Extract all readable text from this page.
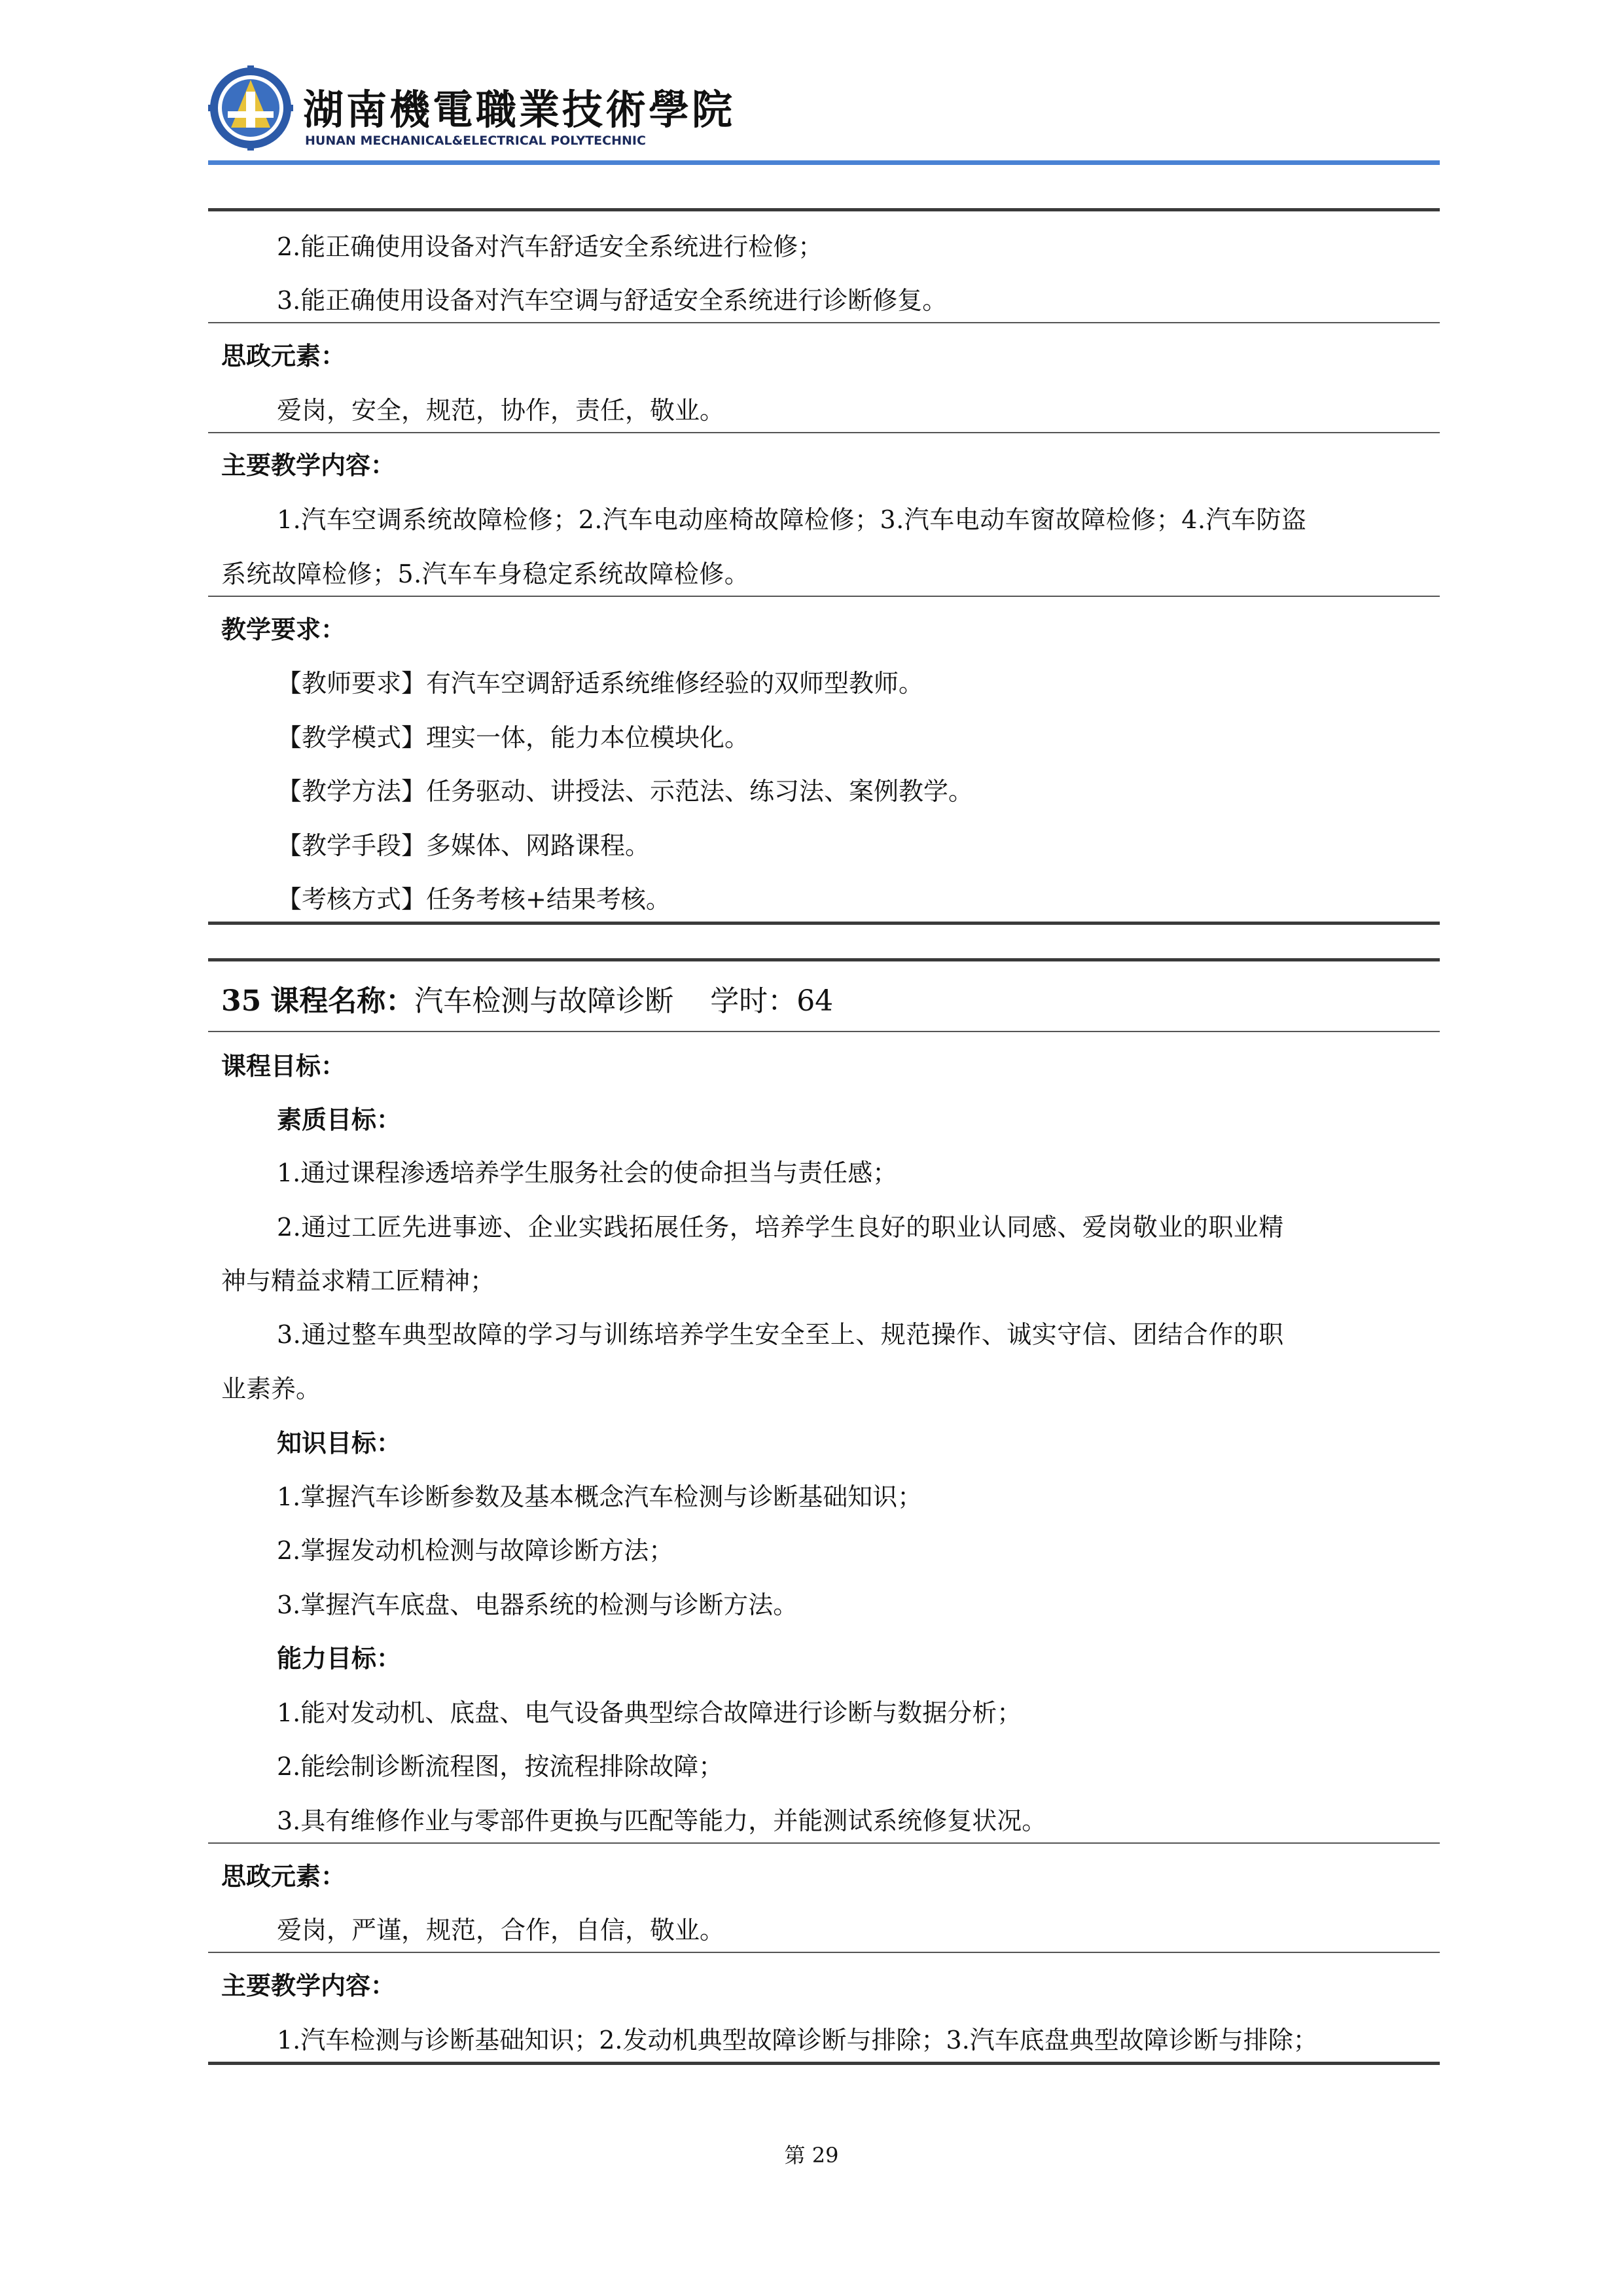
湖南機電職業技術學院
HUNAN MECHANICAL&ELECTRICAL POLYTECHNIC
2.能正确使用设备对汽车舒适安全系统进行检修；
3.能正确使用设备对汽车空调与舒适安全系统进行诊断修复。
思政元素：
爱岗，安全，规范，协作，责任，敬业。
主要教学内容：
1.汽车空调系统故障检修；2.汽车电动座椅故障检修；3.汽车电动车窗故障检修；4.汽车防盗
系统故障检修；5.汽车车身稳定系统故障检修。
教学要求：
【教师要求】有汽车空调舒适系统维修经验的双师型教师。
【教学模式】理实一体，能力本位模块化。
【教学方法】任务驱动、讲授法、示范法、练习法、案例教学。
【教学手段】多媒体、网路课程。
【考核方式】任务考核+结果考核。
35 课程名称：汽车检测与故障诊断 学时：64
课程目标：
素质目标：
1.通过课程渗透培养学生服务社会的使命担当与责任感；
2.通过工匠先进事迹、企业实践拓展任务，培养学生良好的职业认同感、爱岗敬业的职业精
神与精益求精工匠精神；
3.通过整车典型故障的学习与训练培养学生安全至上、规范操作、诚实守信、团结合作的职
业素养。
知识目标：
1.掌握汽车诊断参数及基本概念汽车检测与诊断基础知识；
2.掌握发动机检测与故障诊断方法；
3.掌握汽车底盘、电器系统的检测与诊断方法。
能力目标：
1.能对发动机、底盘、电气设备典型综合故障进行诊断与数据分析；
2.能绘制诊断流程图，按流程排除故障；
3.具有维修作业与零部件更换与匹配等能力，并能测试系统修复状况。
思政元素：
爱岗，严谨，规范，合作，自信，敬业。
主要教学内容：
1.汽车检测与诊断基础知识；2.发动机典型故障诊断与排除；3.汽车底盘典型故障诊断与排除；
第 29
